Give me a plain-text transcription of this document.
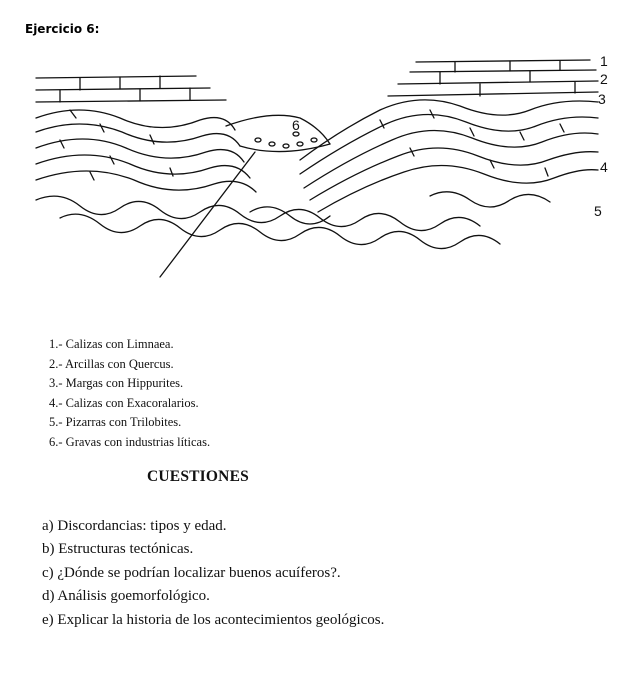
Ejercicio 6:
1
2
3
4
5
6
1.- Calizas con Limnaea.
2.- Arcillas con Quercus.
3.- Margas con Hippurites.
4.- Calizas con Exacoralarios.
5.- Pizarras con Trilobites.
6.- Gravas con industrias líticas.
CUESTIONES
a) Discordancias: tipos y edad.
b) Estructuras tectónicas.
c) ¿Dónde se podrían localizar buenos acuíferos?.
d) Análisis goemorfológico.
e) Explicar la historia de los acontecimientos geológicos.
